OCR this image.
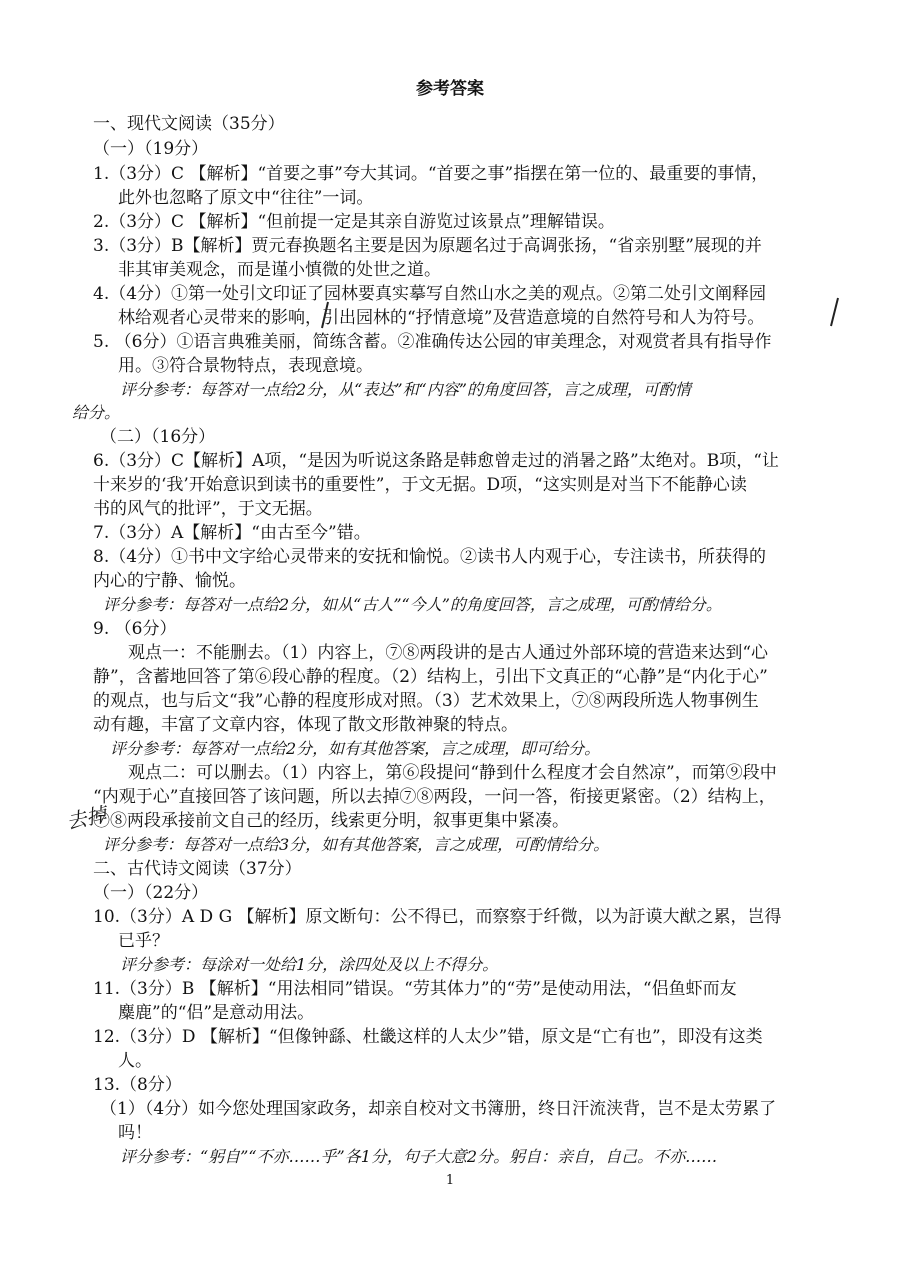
参考答案
一、现代文阅读（35分）
（一）（19分）
1.（3分）C 【解析】“首要之事”夸大其词。“首要之事”指摆在第一位的、最重要的事情，
此外也忽略了原文中“往往”一词。
2.（3分）C 【解析】“但前提一定是其亲自游览过该景点”理解错误。
3.（3分）B【解析】贾元春换题名主要是因为原题名过于高调张扬，“省亲别墅”展现的并
非其审美观念，而是谨小慎微的处世之道。
4.（4分）①第一处引文印证了园林要真实摹写自然山水之美的观点。②第二处引文阐释园
林给观者心灵带来的影响，引出园林的“抒情意境”及营造意境的自然符号和人为符号。
5. （6分）①语言典雅美丽，简练含蓄。②准确传达公园的审美理念，对观赏者具有指导作
用。③符合景物特点，表现意境。
评分参考：每答对一点给2分，从“表达”和“内容”的角度回答，言之成理，可酌情
给分。
（二）（16分）
6.（3分）C【解析】A项，“是因为听说这条路是韩愈曾走过的消暑之路”太绝对。B项，“让
十来岁的‘我’开始意识到读书的重要性”，于文无据。D项，“这实则是对当下不能静心读
书的风气的批评”，于文无据。
7.（3分）A【解析】“由古至今”错。
8.（4分）①书中文字给心灵带来的安抚和愉悦。②读书人内观于心，专注读书，所获得的
内心的宁静、愉悦。
评分参考：每答对一点给2分，如从“古人”“今人”的角度回答，言之成理，可酌情给分。
9. （6分）
观点一：不能删去。（1）内容上，⑦⑧两段讲的是古人通过外部环境的营造来达到“心
静”，含蓄地回答了第⑥段心静的程度。（2）结构上，引出下文真正的“心静”是“内化于心”
的观点，也与后文“我”心静的程度形成对照。（3）艺术效果上，⑦⑧两段所选人物事例生
动有趣，丰富了文章内容，体现了散文形散神聚的特点。
评分参考：每答对一点给2分，如有其他答案，言之成理，即可给分。
观点二：可以删去。（1）内容上，第⑥段提问“静到什么程度才会自然凉”，而第⑨段中
“内观于心”直接回答了该问题，所以去掉⑦⑧两段，一问一答，衔接更紧密。（2）结构上，
⑦⑧两段承接前文自己的经历，线索更分明，叙事更集中紧凑。
评分参考：每答对一点给3分，如有其他答案，言之成理，可酌情给分。
二、古代诗文阅读（37分）
（一）（22分）
10.（3分）A D G 【解析】原文断句：公不得已，而察察于纤微，以为訏谟大猷之累，岂得
已乎？
评分参考：每涂对一处给1分，涂四处及以上不得分。
11.（3分）B 【解析】“用法相同”错误。“劳其体力”的“劳”是使动用法，“侣鱼虾而友
麋鹿”的“侣”是意动用法。
12.（3分）D 【解析】“但像钟繇、杜畿这样的人太少”错，原文是“亡有也”，即没有这类
人。
13.（8分）
（1）（4分）如今您处理国家政务，却亲自校对文书簿册，终日汗流浃背，岂不是太劳累了
吗！
评分参考：“躬自”“不亦……乎”各1分，句子大意2分。躬自：亲自，自己。不亦……
去掉
1
